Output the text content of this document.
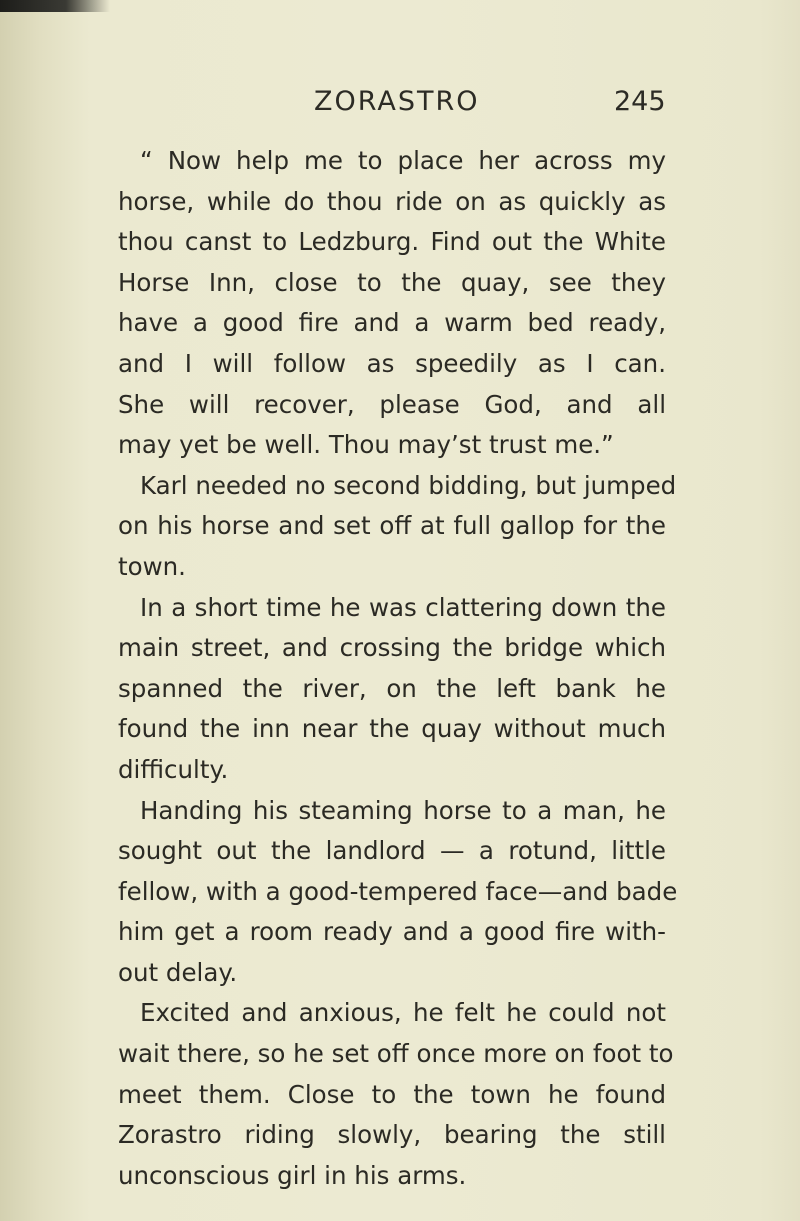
ZORASTRO	245
“ Now help me to place her across my
horse, while do thou ride on as quickly as
thou canst to Ledzburg. Find out the White
Horse Inn, close to the quay, see they
have a good fire and a warm bed ready,
and I will follow as speedily as I can.
She will recover, please God, and all
may yet be well. Thou may’st trust me.”
Karl needed no second bidding, but jumped
on his horse and set off at full gallop for the
town.
In a short time he was clattering down the
main street, and crossing the bridge which
spanned the river, on the left bank he
found the inn near the quay without much
difficulty.
Handing his steaming horse to a man, he
sought out the landlord — a rotund, little
fellow, with a good-tempered face—and bade
him get a room ready and a good fire with-
out delay.
Excited and anxious, he felt he could not
wait there, so he set off once more on foot to
meet them. Close to the town he found
Zorastro riding slowly, bearing the still
unconscious girl in his arms.
